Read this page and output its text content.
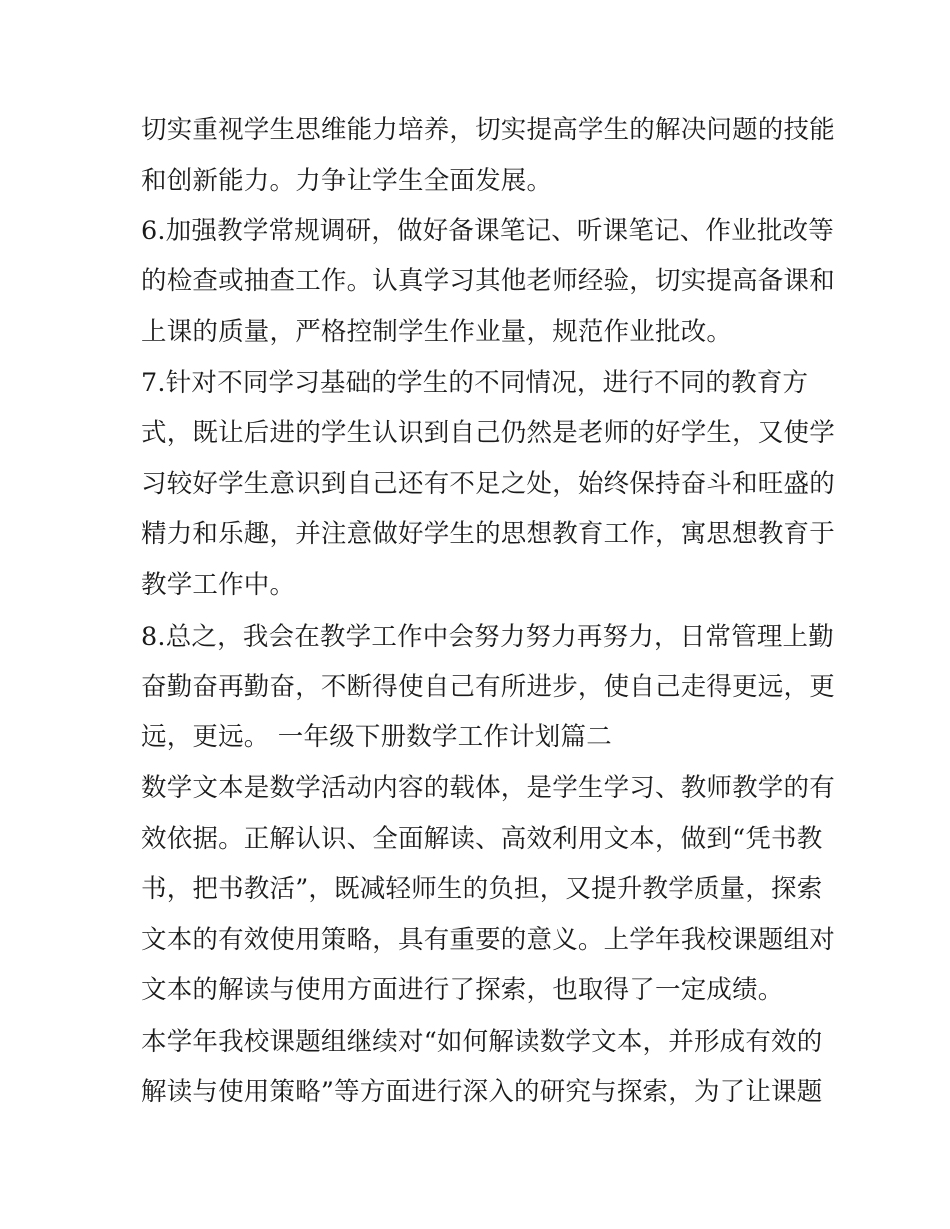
切实重视学生思维能力培养，切实提高学生的解决问题的技能
和创新能力。力争让学生全面发展。
6.加强教学常规调研，做好备课笔记、听课笔记、作业批改等
的检查或抽查工作。认真学习其他老师经验，切实提高备课和
上课的质量，严格控制学生作业量，规范作业批改。
7.针对不同学习基础的学生的不同情况，进行不同的教育方
式，既让后进的学生认识到自己仍然是老师的好学生，又使学
习较好学生意识到自己还有不足之处，始终保持奋斗和旺盛的
精力和乐趣，并注意做好学生的思想教育工作，寓思想教育于
教学工作中。
8.总之，我会在教学工作中会努力努力再努力，日常管理上勤
奋勤奋再勤奋，不断得使自己有所进步，使自己走得更远，更
远，更远。 一年级下册数学工作计划篇二
数学文本是数学活动内容的载体，是学生学习、教师教学的有
效依据。正解认识、全面解读、高效利用文本，做到“凭书教
书，把书教活”，既减轻师生的负担，又提升教学质量，探索
文本的有效使用策略，具有重要的意义。上学年我校课题组对
文本的解读与使用方面进行了探索，也取得了一定成绩。
本学年我校课题组继续对“如何解读数学文本，并形成有效的
解读与使用策略”等方面进行深入的研究与探索，为了让课题
